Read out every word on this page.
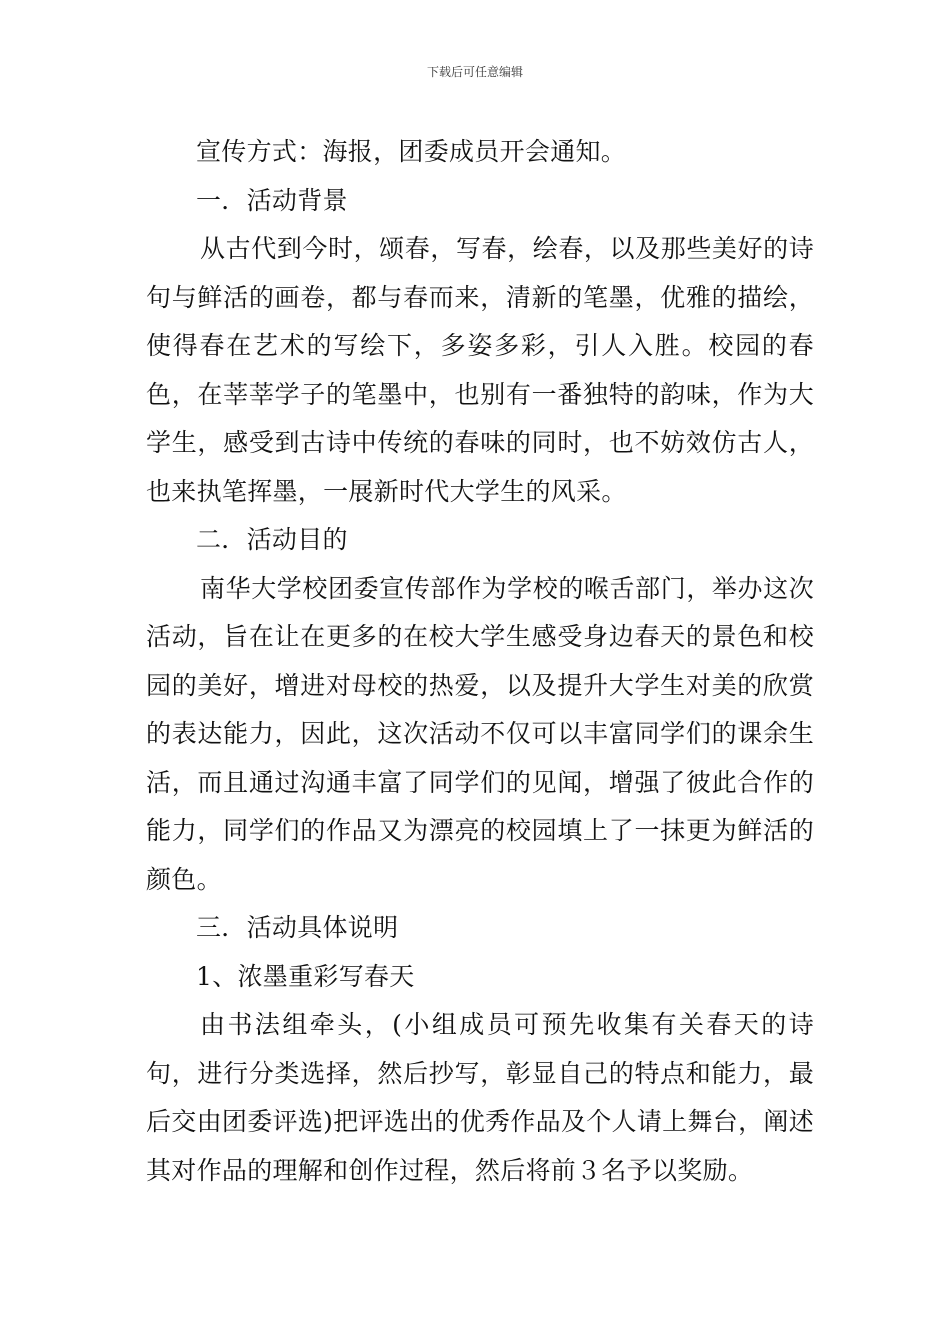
下载后可任意编辑

宣传方式：海报，团委成员开会通知。

一．活动背景

从古代到今时，颂春，写春，绘春，以及那些美好的诗句与鲜活的画卷，都与春而来，清新的笔墨，优雅的描绘，使得春在艺术的写绘下，多姿多彩，引人入胜。校园的春色，在莘莘学子的笔墨中，也别有一番独特的韵味，作为大学生，感受到古诗中传统的春味的同时，也不妨效仿古人，也来执笔挥墨，一展新时代大学生的风采。

二．活动目的

南华大学校团委宣传部作为学校的喉舌部门，举办这次活动，旨在让在更多的在校大学生感受身边春天的景色和校园的美好，增进对母校的热爱，以及提升大学生对美的欣赏的表达能力，因此，这次活动不仅可以丰富同学们的课余生活，而且通过沟通丰富了同学们的见闻，增强了彼此合作的能力，同学们的作品又为漂亮的校园填上了一抹更为鲜活的颜色。

三．活动具体说明

1、浓墨重彩写春天

由书法组牵头，(小组成员可预先收集有关春天的诗句，进行分类选择，然后抄写，彰显自己的特点和能力，最后交由团委评选)把评选出的优秀作品及个人请上舞台，阐述其对作品的理解和创作过程，然后将前３名予以奖励。
